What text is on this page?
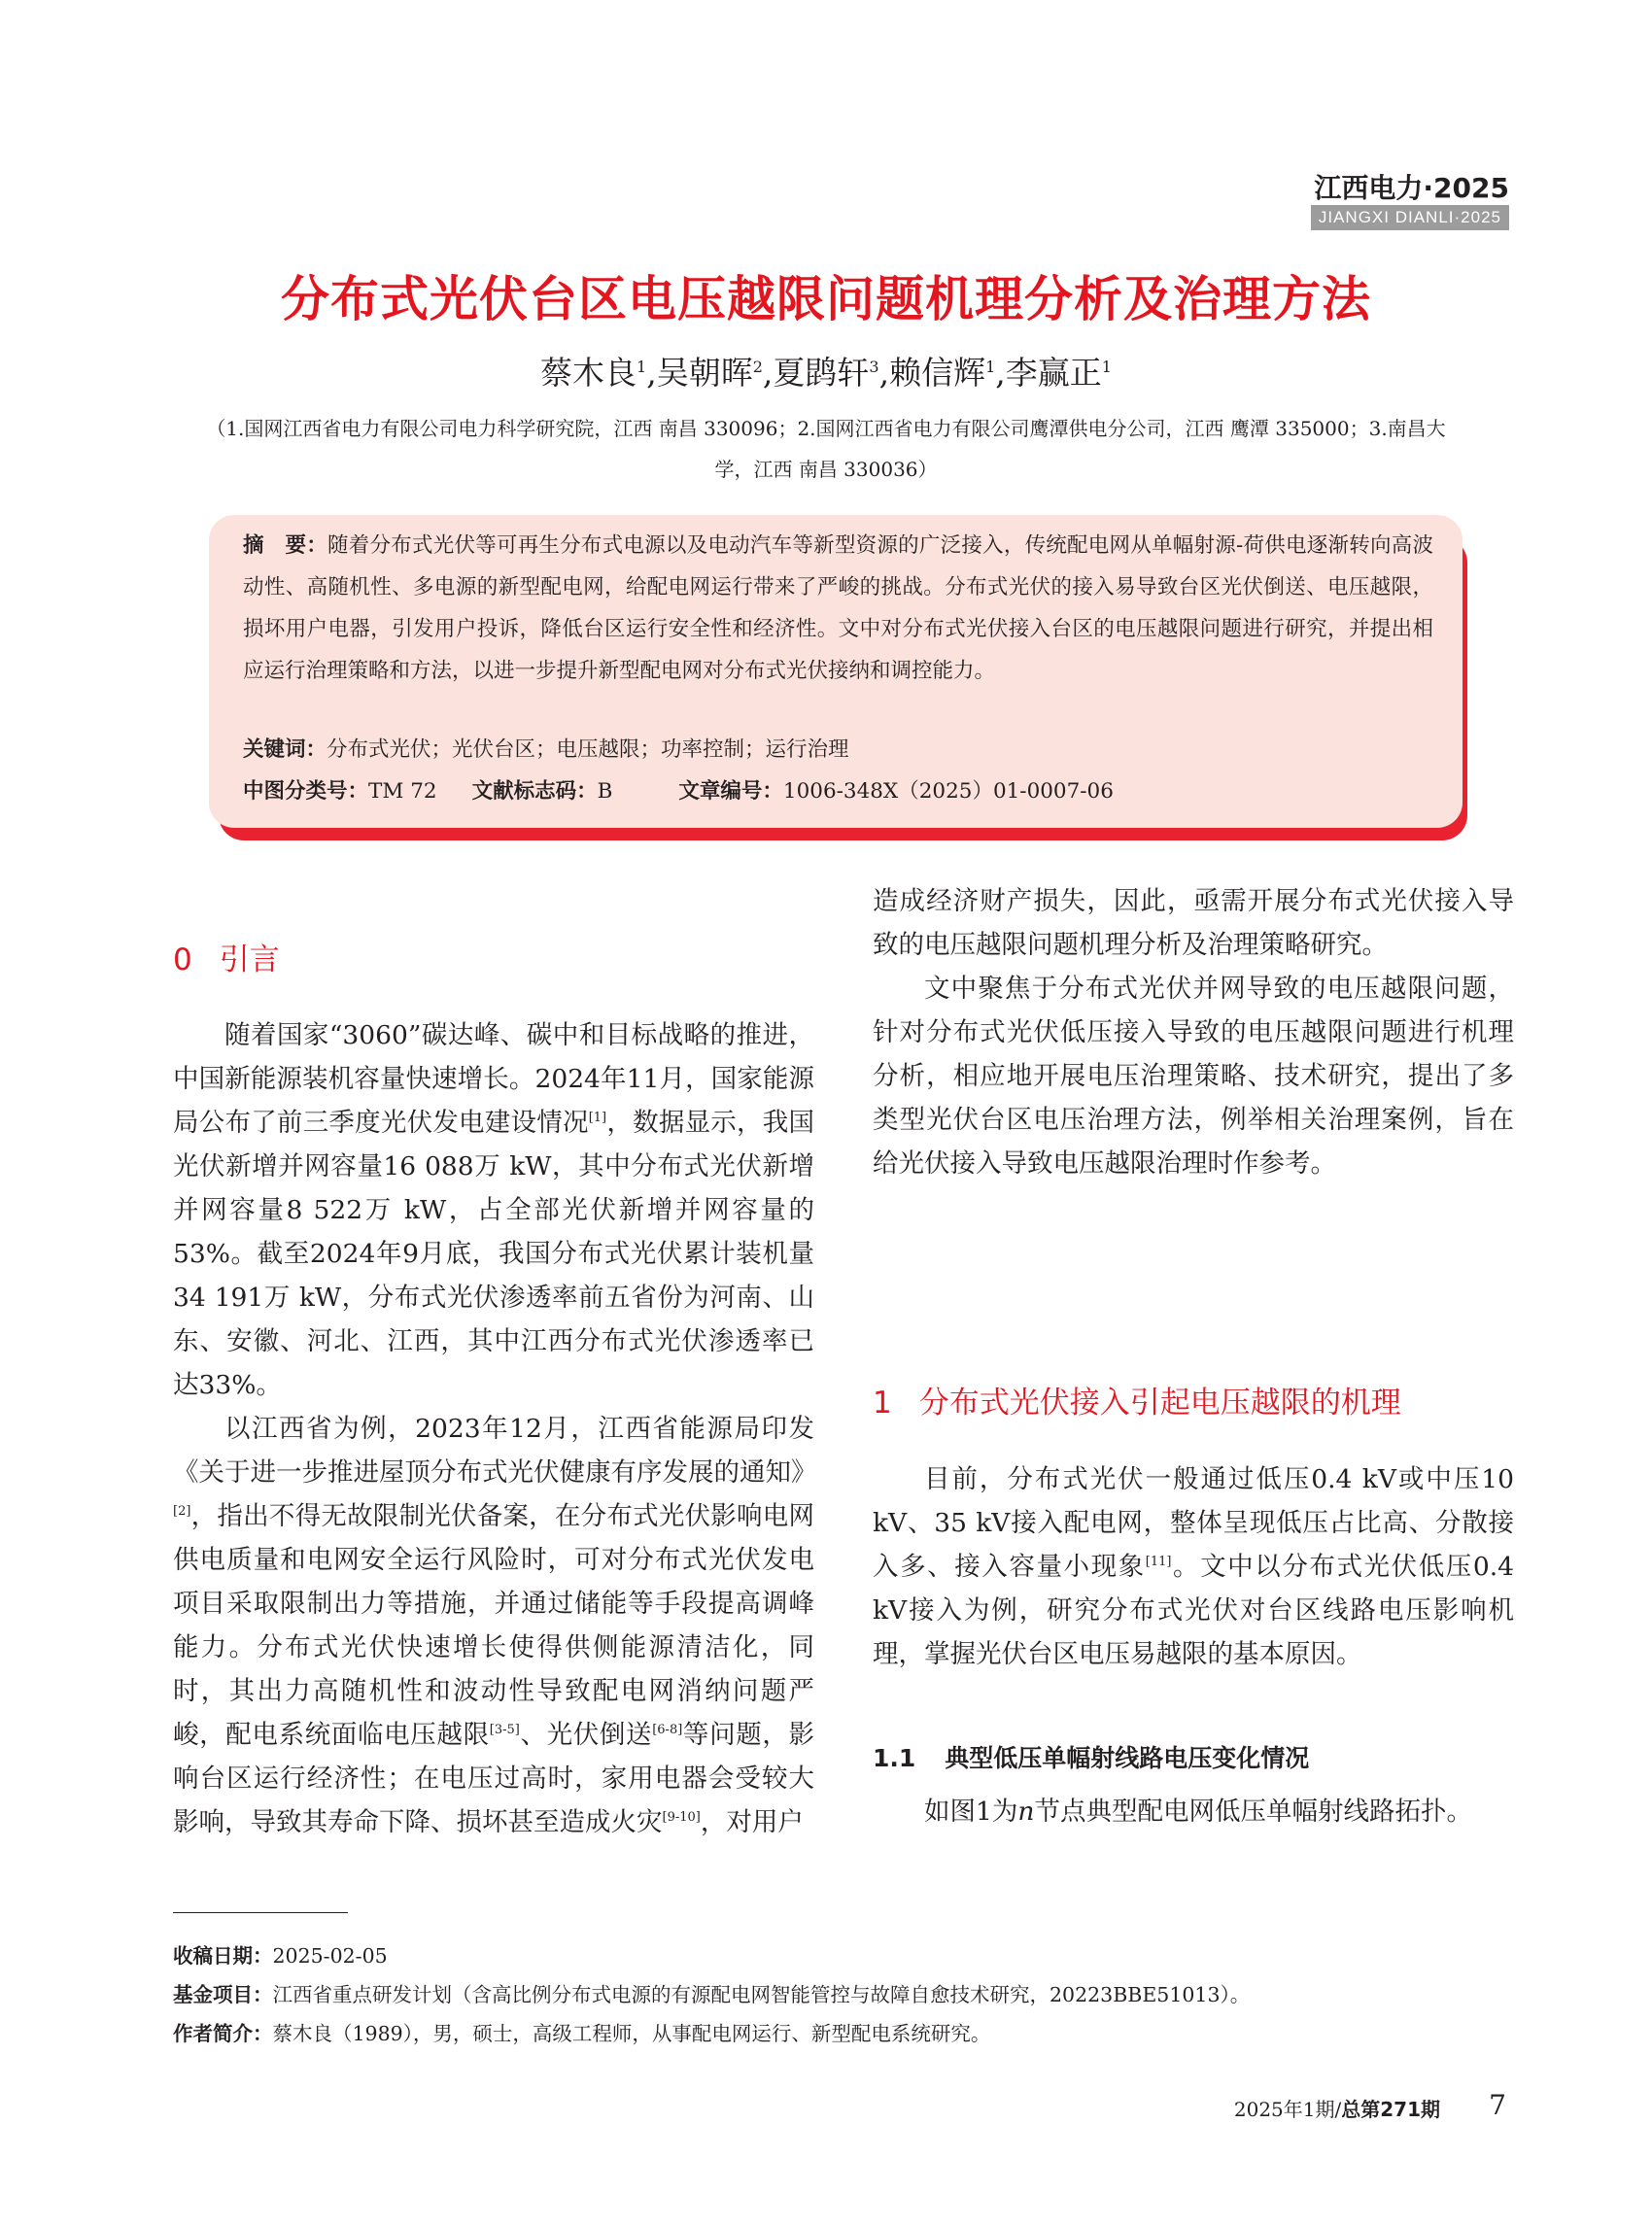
江西电力·2025
JIANGXI DIANLI·2025
分布式光伏台区电压越限问题机理分析及治理方法
蔡木良$^1$,吴朝晖$^2$,夏鹍轩$^3$,赖信辉$^1$,李赢正$^1$
（1.国网江西省电力有限公司电力科学研究院，江西 南昌 330096；2.国网江西省电力有限公司鹰潭供电分公司，江西 鹰潭 335000；3.南昌大学，江西 南昌 330036）
摘　要：随着分布式光伏等可再生分布式电源以及电动汽车等新型资源的广泛接入，传统配电网从单幅射源-荷供电逐渐转向高波动性、高随机性、多电源的新型配电网，给配电网运行带来了严峻的挑战。分布式光伏的接入易导致台区光伏倒送、电压越限，损坏用户电器，引发用户投诉，降低台区运行安全性和经济性。文中对分布式光伏接入台区的电压越限问题进行研究，并提出相应运行治理策略和方法，以进一步提升新型配电网对分布式光伏接纳和调控能力。
关键词：分布式光伏；光伏台区；电压越限；功率控制；运行治理
中图分类号：TM 72 文献标志码：B	文章编号：1006-348X（2025）01-0007-06
0 引言

随着国家“3060”碳达峰、碳中和目标战略的推进，中国新能源装机容量快速增长。2024年11月，国家能源局公布了前三季度光伏发电建设情况[1]，数据显示，我国光伏新增并网容量16 088万 kW，其中分布式光伏新增并网容量8 522万 kW，占全部光伏新增并网容量的53%。截至2024年9月底，我国分布式光伏累计装机量34 191万 kW，分布式光伏渗透率前五省份为河南、山东、安徽、河北、江西，其中江西分布式光伏渗透率已达33%。

以江西省为例，2023年12月，江西省能源局印发《关于进一步推进屋顶分布式光伏健康有序发展的通知》[2]，指出不得无故限制光伏备案，在分布式光伏影响电网供电质量和电网安全运行风险时，可对分布式光伏发电项目采取限制出力等措施，并通过储能等手段提高调峰能力。分布式光伏快速增长使得供侧能源清洁化，同时，其出力高随机性和波动性导致配电网消纳问题严峻，配电系统面临电压越限[3-5]、光伏倒送[6-8]等问题，影响台区运行经济性；在电压过高时，家用电器会受较大影响，导致其寿命下降、损坏甚至造成火灾[9-10]，对用户

造成经济财产损失，因此，亟需开展分布式光伏接入导致的电压越限问题机理分析及治理策略研究。

文中聚焦于分布式光伏并网导致的电压越限问题，针对分布式光伏低压接入导致的电压越限问题进行机理分析，相应地开展电压治理策略、技术研究，提出了多类型光伏台区电压治理方法，例举相关治理案例，旨在给光伏接入导致电压越限治理时作参考。

1 分布式光伏接入引起电压越限的机理

目前，分布式光伏一般通过低压0.4 kV或中压10 kV、35 kV接入配电网，整体呈现低压占比高、分散接入多、接入容量小现象[11]。文中以分布式光伏低压0.4 kV接入为例，研究分布式光伏对台区线路电压影响机理，掌握光伏台区电压易越限的基本原因。

1.1 典型低压单幅射线路电压变化情况

如图1为n节点典型配电网低压单幅射线路拓扑。

收稿日期：2025-02-05
基金项目：江西省重点研发计划（含高比例分布式电源的有源配电网智能管控与故障自愈技术研究，20223BBE51013）。
作者简介：蔡木良（1989），男，硕士，高级工程师，从事配电网运行、新型配电系统研究。
2025年1期/总第271期 7
